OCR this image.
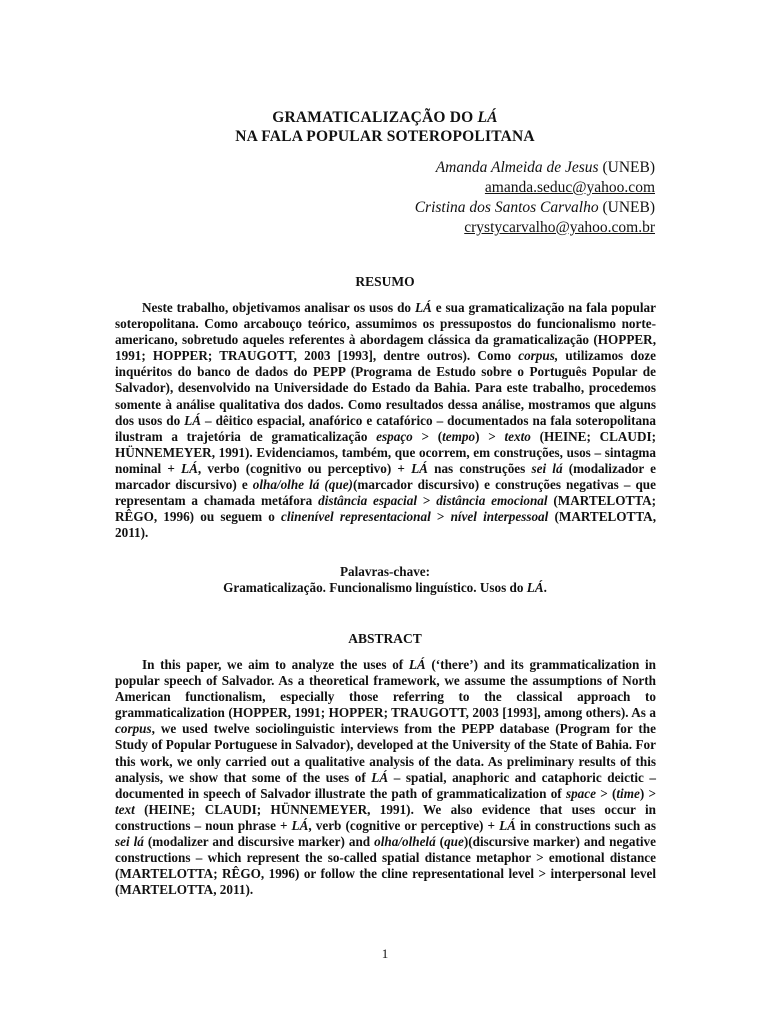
GRAMATICALIZAÇÃO DO LÁ
NA FALA POPULAR SOTEROPOLITANA
Amanda Almeida de Jesus (UNEB)
amanda.seduc@yahoo.com
Cristina dos Santos Carvalho (UNEB)
crystycarvalho@yahoo.com.br
RESUMO

Neste trabalho, objetivamos analisar os usos do LÁ e sua gramaticalização na fala popular soteropolitana. Como arcabouço teórico, assumimos os pressupostos do funcionalismo norte-americano, sobretudo aqueles referentes à abordagem clássica da gramaticalização (HOPPER, 1991; HOPPER; TRAUGOTT, 2003 [1993], dentre outros). Como corpus, utilizamos doze inquéritos do banco de dados do PEPP (Programa de Estudo sobre o Português Popular de Salvador), desenvolvido na Universidade do Estado da Bahia. Para este trabalho, procedemos somente à análise qualitativa dos dados. Como resultados dessa análise, mostramos que alguns dos usos do LÁ – dêitico espacial, anafórico e catafórico – documentados na fala soteropolitana ilustram a trajetória de gramaticalização espaço > (tempo) > texto (HEINE; CLAUDI; HÜNNEMEYER, 1991). Evidenciamos, também, que ocorrem, em construções, usos – sintagma nominal + LÁ, verbo (cognitivo ou perceptivo) + LÁ nas construções sei lá (modalizador e marcador discursivo) e olha/olhe lá (que)(marcador discursivo) e construções negativas – que representam a chamada metáfora distância espacial > distância emocional (MARTELOTTA; RÊGO, 1996) ou seguem o clinenível representacional > nível interpessoal (MARTELOTTA, 2011).

Palavras-chave:
Gramaticalização. Funcionalismo linguístico. Usos do LÁ.
ABSTRACT

In this paper, we aim to analyze the uses of LÁ (‘there’) and its grammaticalization in popular speech of Salvador. As a theoretical framework, we assume the assumptions of North American functionalism, especially those referring to the classical approach to grammaticalization (HOPPER, 1991; HOPPER; TRAUGOTT, 2003 [1993], among others). As a corpus, we used twelve sociolinguistic interviews from the PEPP database (Program for the Study of Popular Portuguese in Salvador), developed at the University of the State of Bahia. For this work, we only carried out a qualitative analysis of the data. As preliminary results of this analysis, we show that some of the uses of LÁ – spatial, anaphoric and cataphoric deictic – documented in speech of Salvador illustrate the path of grammaticalization of space > (time) > text (HEINE; CLAUDI; HÜNNEMEYER, 1991). We also evidence that uses occur in constructions – noun phrase + LÁ, verb (cognitive or perceptive) + LÁ in constructions such as sei lá (modalizer and discursive marker) and olha/olhelá (que)(discursive marker) and negative constructions – which represent the so-called spatial distance metaphor > emotional distance (MARTELOTTA; RÊGO, 1996) or follow the cline representational level > interpersonal level (MARTELOTTA, 2011).

1
